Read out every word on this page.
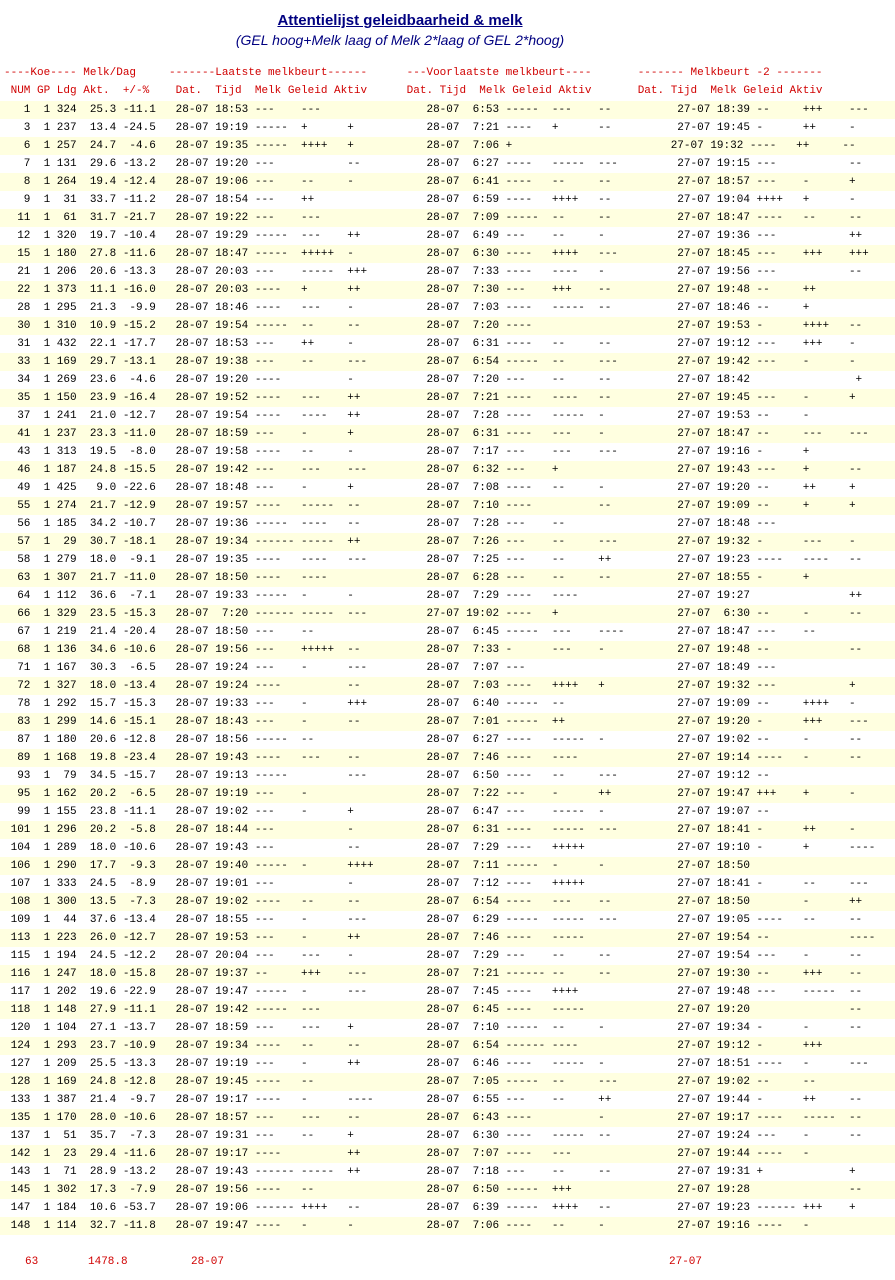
Attentielijst geleidbaarheid & melk
(GEL hoog+Melk laag of Melk 2*laag of GEL 2*hoog)
----Koe---- Melk/Dag     -------Laatste melkbeurt------      ---Voorlaatste melkbeurt----       ------- Melkbeurt -2 -------
NUM GP Ldg Akt.  +/-%    Dat.  Tijd  Melk Geleid Aktiv      Dat. Tijd  Melk Geleid Aktiv       Dat. Tijd  Melk Geleid Aktiv
1  1 324  25.3 -11.1   28-07 18:53 ---    ---                28-07  6:53 -----  ---    --          27-07 18:39 --     +++    ---
3  1 237  13.4 -24.5   28-07 19:19 -----  +      +           28-07  7:21 ----   +      --          27-07 19:45 -      ++     -
6  1 257  24.7  -4.6   28-07 19:35 -----  ++++   +           28-07  7:06 +                        27-07 19:32 ----   ++     --
7  1 131  29.6 -13.2   28-07 19:20 ---           --          28-07  6:27 ----   -----  ---         27-07 19:15 ---           --
8  1 264  19.4 -12.4   28-07 19:06 ---    --     -           28-07  6:41 ----   --     --          27-07 18:57 ---    -      +
9  1  31  33.7 -11.2   28-07 18:54 ---    ++                 28-07  6:59 ----   ++++   --          27-07 19:04 ++++   +      -
11  1  61  31.7 -21.7   28-07 19:22 ---    ---                28-07  7:09 -----  --     --          27-07 18:47 ----   --     --
12  1 320  19.7 -10.4   28-07 19:29 -----  ---    ++          28-07  6:49 ---    --     -           27-07 19:36 ---           ++
15  1 180  27.8 -11.6   28-07 18:47 -----  +++++  -           28-07  6:30 ----   ++++   ---         27-07 18:45 ---    +++    +++
21  1 206  20.6 -13.3   28-07 20:03 ---    -----  +++         28-07  7:33 ----   ----   -           27-07 19:56 ---           --
22  1 373  11.1 -16.0   28-07 20:03 ----   +      ++          28-07  7:30 ---    +++    --          27-07 19:48 --     ++
28  1 295  21.3  -9.9   28-07 18:46 ----   ---    -           28-07  7:03 ----   -----  --          27-07 18:46 --     +
30  1 310  10.9 -15.2   28-07 19:54 -----  --     --          28-07  7:20 ----                      27-07 19:53 -      ++++   --
31  1 432  22.1 -17.7   28-07 18:53 ---    ++     -           28-07  6:31 ----   --     --          27-07 19:12 ---    +++    -
33  1 169  29.7 -13.1   28-07 19:38 ---    --     ---         28-07  6:54 -----  --     ---         27-07 19:42 ---    -      -
34  1 269  23.6  -4.6   28-07 19:20 ----          -           28-07  7:20 ---    --     --          27-07 18:42                +
35  1 150  23.9 -16.4   28-07 19:52 ----   ---    ++          28-07  7:21 ----   ----   --          27-07 19:45 ---    -      +
37  1 241  21.0 -12.7   28-07 19:54 ----   ----   ++          28-07  7:28 ----   -----  -           27-07 19:53 --     -
41  1 237  23.3 -11.0   28-07 18:59 ---    -      +           28-07  6:31 ----   ---    -           27-07 18:47 --     ---    ---
43  1 313  19.5  -8.0   28-07 19:58 ----   --     -           28-07  7:17 ---    ---    ---         27-07 19:16 -      +
46  1 187  24.8 -15.5   28-07 19:42 ---    ---    ---         28-07  6:32 ---    +                  27-07 19:43 ---    +      --
49  1 425   9.0 -22.6   28-07 18:48 ---    -      +           28-07  7:08 ----   --     -           27-07 19:20 --     ++     +
55  1 274  21.7 -12.9   28-07 19:57 ----   -----  --          28-07  7:10 ----          --          27-07 19:09 --     +      +
56  1 185  34.2 -10.7   28-07 19:36 -----  ----   --          28-07  7:28 ---    --                 27-07 18:48 ---
57  1  29  30.7 -18.1   28-07 19:34 ------ -----  ++          28-07  7:26 ---    --     ---         27-07 19:32 -      ---    -
58  1 279  18.0  -9.1   28-07 19:35 ----   ----   ---         28-07  7:25 ---    --     ++          27-07 19:23 ----   ----   --
63  1 307  21.7 -11.0   28-07 18:50 ----   ----               28-07  6:28 ---    --     --          27-07 18:55 -      +
64  1 112  36.6  -7.1   28-07 19:33 -----  -      -           28-07  7:29 ----   ----               27-07 19:27               ++
66  1 329  23.5 -15.3   28-07  7:20 ------ -----  ---         27-07 19:02 ----   +                  27-07  6:30 --     -      --
67  1 219  21.4 -20.4   28-07 18:50 ---    --                 28-07  6:45 -----  ---    ----        27-07 18:47 ---    --
68  1 136  34.6 -10.6   28-07 19:56 ---    +++++  --          28-07  7:33 -      ---    -           27-07 19:48 --            --
71  1 167  30.3  -6.5   28-07 19:24 ---    -      ---         28-07  7:07 ---                       27-07 18:49 ---
72  1 327  18.0 -13.4   28-07 19:24 ----          --          28-07  7:03 ----   ++++   +           27-07 19:32 ---           +
78  1 292  15.7 -15.3   28-07 19:33 ---    -      +++         28-07  6:40 -----  --                 27-07 19:09 --     ++++   -
83  1 299  14.6 -15.1   28-07 18:43 ---    -      --          28-07  7:01 -----  ++                 27-07 19:20 -      +++    ---
87  1 180  20.6 -12.8   28-07 18:56 -----  --                 28-07  6:27 ----   -----  -           27-07 19:02 --     -      --
89  1 168  19.8 -23.4   28-07 19:43 ----   ---    --          28-07  7:46 ----   ----               27-07 19:14 ----   -      --
93  1  79  34.5 -15.7   28-07 19:13 -----         ---         28-07  6:50 ----   --     ---         27-07 19:12 --
95  1 162  20.2  -6.5   28-07 19:19 ---    -                  28-07  7:22 ---    -      ++          27-07 19:47 +++    +      -
99  1 155  23.8 -11.1   28-07 19:02 ---    -      +           28-07  6:47 ---    -----  -           27-07 19:07 --
101  1 296  20.2  -5.8   28-07 18:44 ---           -           28-07  6:31 ----   -----  ---         27-07 18:41 -      ++     -
104  1 289  18.0 -10.6   28-07 19:43 ---           --          28-07  7:29 ----   +++++              27-07 19:10 -      +      ----
106  1 290  17.7  -9.3   28-07 19:40 -----  -      ++++        28-07  7:11 -----  -      -           27-07 18:50
107  1 333  24.5  -8.9   28-07 19:01 ---           -           28-07  7:12 ----   +++++              27-07 18:41 -      --     ---
108  1 300  13.5  -7.3   28-07 19:02 ----   --     --          28-07  6:54 ----   ---    --          27-07 18:50        -      ++
109  1  44  37.6 -13.4   28-07 18:55 ---    -      ---         28-07  6:29 -----  -----  ---         27-07 19:05 ----   --     --
113  1 223  26.0 -12.7   28-07 19:53 ---    -      ++          28-07  7:46 ----   -----              27-07 19:54 --            ----
115  1 194  24.5 -12.2   28-07 20:04 ---    ---    -           28-07  7:29 ---    --     --          27-07 19:54 ---    -      --
116  1 247  18.0 -15.8   28-07 19:37 --     +++    ---         28-07  7:21 ------ --     --          27-07 19:30 --     +++    --
117  1 202  19.6 -22.9   28-07 19:47 -----  -      ---         28-07  7:45 ----   ++++               27-07 19:48 ---    -----  --
118  1 148  27.9 -11.1   28-07 19:42 -----  ---                28-07  6:45 ----   -----              27-07 19:20               --
120  1 104  27.1 -13.7   28-07 18:59 ---    ---    +           28-07  7:10 -----  --     -           27-07 19:34 -      -      --
124  1 293  23.7 -10.9   28-07 19:34 ----   --     --          28-07  6:54 ------ ----               27-07 19:12 -      +++
127  1 209  25.5 -13.3   28-07 19:19 ---    -      ++          28-07  6:46 ----   -----  -           27-07 18:51 ----   -      ---
128  1 169  24.8 -12.8   28-07 19:45 ----   --                 28-07  7:05 -----  --     ---         27-07 19:02 --     --
133  1 387  21.4  -9.7   28-07 19:17 ----   -      ----        28-07  6:55 ---    --     ++          27-07 19:44 -      ++     --
135  1 170  28.0 -10.6   28-07 18:57 ---    ---    --          28-07  6:43 ----          -           27-07 19:17 ----   -----  --
137  1  51  35.7  -7.3   28-07 19:31 ---    --     +           28-07  6:30 ----   -----  --          27-07 19:24 ---    -      --
142  1  23  29.4 -11.6   28-07 19:17 ----          ++          28-07  7:07 ----   ---                27-07 19:44 ----   -
143  1  71  28.9 -13.2   28-07 19:43 ------ -----  ++          28-07  7:18 ---    --     --          27-07 19:31 +             +
145  1 302  17.3  -7.9   28-07 19:56 ----   --                 28-07  6:50 -----  +++                27-07 19:28               --
147  1 184  10.6 -53.7   28-07 19:06 ------ ++++   --          28-07  6:39 -----  ++++   --          27-07 19:23 ------ +++    +
148  1 114  32.7 -11.8   28-07 19:47 ----   -      -           28-07  7:06 ----   --     -           27-07 19:16 ----   -
63	1478.8	28-07	27-07
